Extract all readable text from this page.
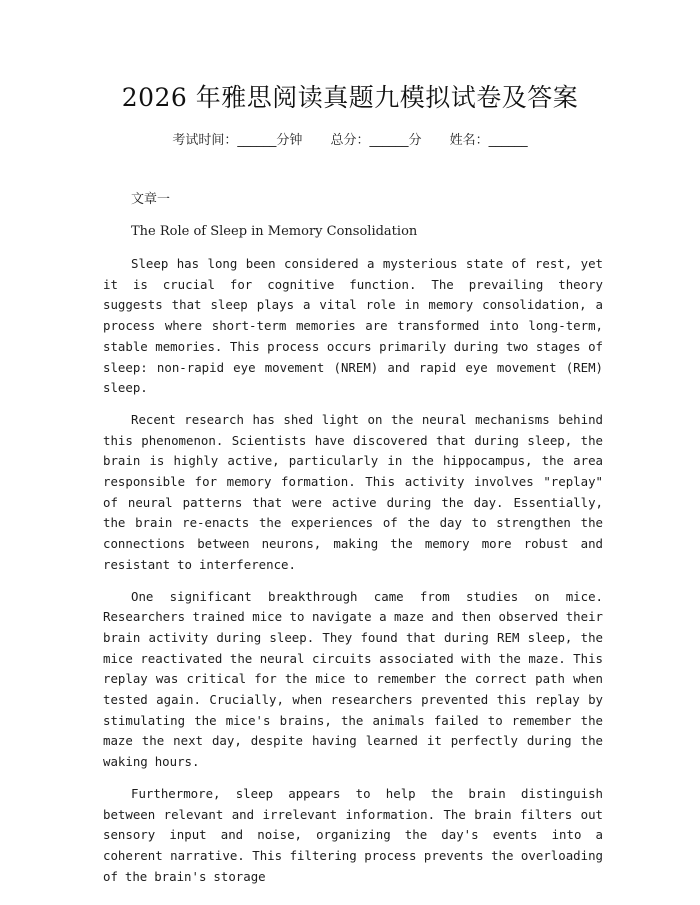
2026 年雅思阅读真题九模拟试卷及答案
考试时间：______分钟 总分：______分 姓名：______

文章一

The Role of Sleep in Memory Consolidation

Sleep has long been considered a mysterious state of rest, yet it is crucial for cognitive function. The prevailing theory suggests that sleep plays a vital role in memory consolidation, a process where short-term memories are transformed into long-term, stable memories. This process occurs primarily during two stages of sleep: non-rapid eye movement (NREM) and rapid eye movement (REM) sleep.

Recent research has shed light on the neural mechanisms behind this phenomenon. Scientists have discovered that during sleep, the brain is highly active, particularly in the hippocampus, the area responsible for memory formation. This activity involves "replay" of neural patterns that were active during the day. Essentially, the brain re-enacts the experiences of the day to strengthen the connections between neurons, making the memory more robust and resistant to interference.

One significant breakthrough came from studies on mice. Researchers trained mice to navigate a maze and then observed their brain activity during sleep. They found that during REM sleep, the mice reactivated the neural circuits associated with the maze. This replay was critical for the mice to remember the correct path when tested again. Crucially, when researchers prevented this replay by stimulating the mice's brains, the animals failed to remember the maze the next day, despite having learned it perfectly during the waking hours.

Furthermore, sleep appears to help the brain distinguish between relevant and irrelevant information. The brain filters out sensory input and noise, organizing the day's events into a coherent narrative. This filtering process prevents the overloading of the brain's storage
